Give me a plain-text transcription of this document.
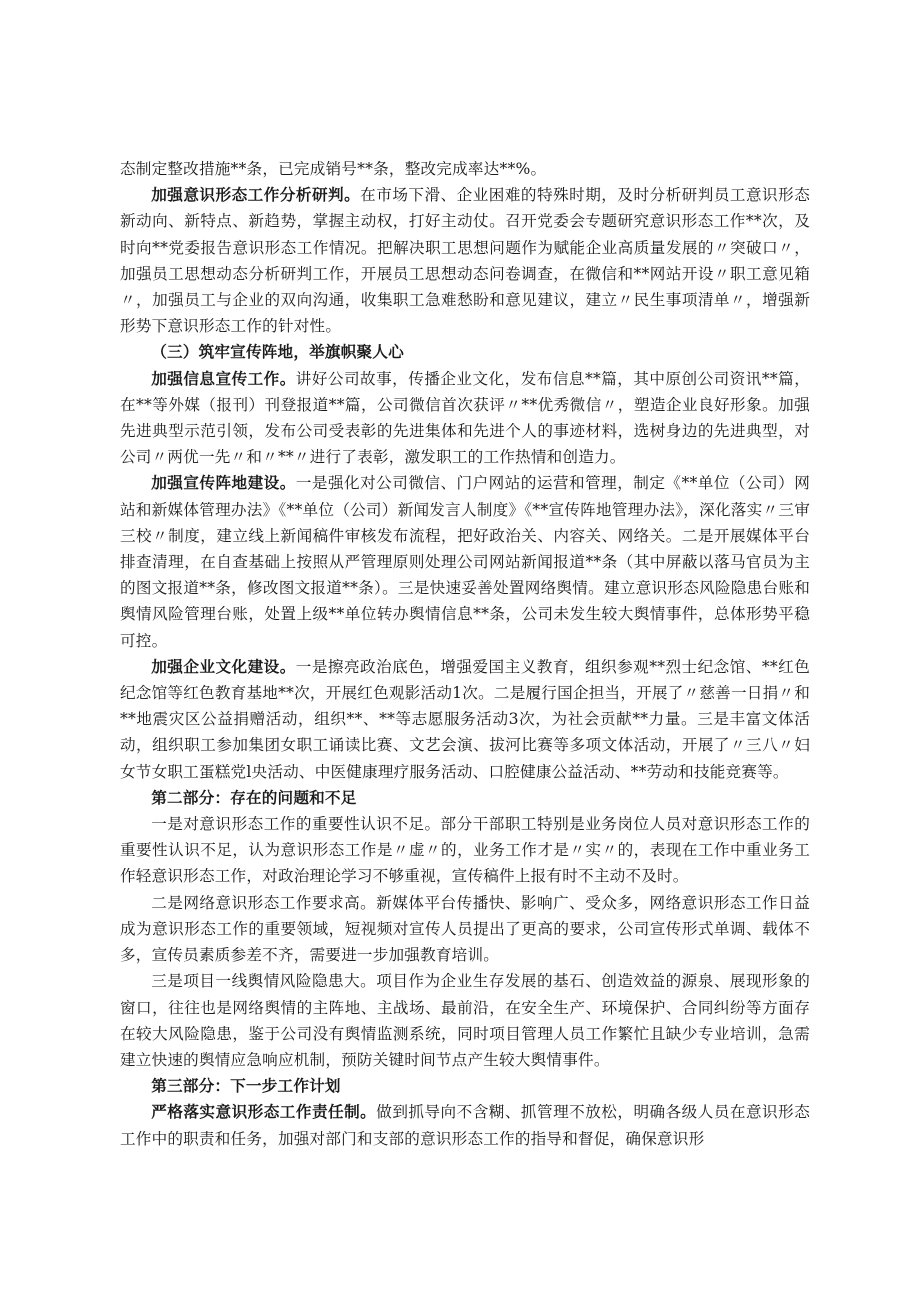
态制定整改措施**条，已完成销号**条，整改完成率达**%。

加强意识形态工作分析研判。在市场下滑、企业困难的特殊时期，及时分析研判员工意识形态新动向、新特点、新趋势，掌握主动权，打好主动仗。召开党委会专题研究意识形态工作**次，及时向**党委报告意识形态工作情况。把解决职工思想问题作为赋能企业高质量发展的〃突破口〃，加强员工思想动态分析研判工作，开展员工思想动态问卷调查，在微信和**网站开设〃职工意见箱〃，加强员工与企业的双向沟通，收集职工急难愁盼和意见建议，建立〃民生事项清单〃，增强新形势下意识形态工作的针对性。

（三）筑牢宣传阵地，举旗帜聚人心

加强信息宣传工作。讲好公司故事，传播企业文化，发布信息**篇，其中原创公司资讯**篇，在**等外媒（报刊）刊登报道**篇，公司微信首次获评〃**优秀微信〃，塑造企业良好形象。加强先进典型示范引领，发布公司受表彰的先进集体和先进个人的事迹材料，选树身边的先进典型，对公司〃两优一先〃和〃**〃进行了表彰，激发职工的工作热情和创造力。

加强宣传阵地建设。一是强化对公司微信、门户网站的运营和管理，制定《**单位（公司）网站和新媒体管理办法》《**单位（公司）新闻发言人制度》《**宣传阵地管理办法》，深化落实〃三审三校〃制度，建立线上新闻稿件审核发布流程，把好政治关、内容关、网络关。二是开展媒体平台排查清理，在自查基础上按照从严管理原则处理公司网站新闻报道**条（其中屏蔽以落马官员为主的图文报道**条，修改图文报道**条）。三是快速妥善处置网络舆情。建立意识形态风险隐患台账和舆情风险管理台账，处置上级**单位转办舆情信息**条，公司未发生较大舆情事件，总体形势平稳可控。

加强企业文化建设。一是擦亮政治底色，增强爱国主义教育，组织参观**烈士纪念馆、**红色纪念馆等红色教育基地**次，开展红色观影活动1次。二是履行国企担当，开展了〃慈善一日捐〃和**地震灾区公益捐赠活动，组织**、**等志愿服务活动3次，为社会贡献**力量。三是丰富文体活动，组织职工参加集团女职工诵读比赛、文艺会演、拔河比赛等多项文体活动，开展了〃三八〃妇女节女职工蛋糕党l央活动、中医健康理疗服务活动、口腔健康公益活动、**劳动和技能竞赛等。

第二部分：存在的问题和不足

一是对意识形态工作的重要性认识不足。部分干部职工特别是业务岗位人员对意识形态工作的重要性认识不足，认为意识形态工作是〃虚〃的，业务工作才是〃实〃的，表现在工作中重业务工作轻意识形态工作，对政治理论学习不够重视，宣传稿件上报有时不主动不及时。

二是网络意识形态工作要求高。新媒体平台传播快、影响广、受众多，网络意识形态工作日益成为意识形态工作的重要领域，短视频对宣传人员提出了更高的要求，公司宣传形式单调、载体不多，宣传员素质参差不齐，需要进一步加强教育培训。

三是项目一线舆情风险隐患大。项目作为企业生存发展的基石、创造效益的源泉、展现形象的窗口，往往也是网络舆情的主阵地、主战场、最前沿，在安全生产、环境保护、合同纠纷等方面存在较大风险隐患，鉴于公司没有舆情监测系统，同时项目管理人员工作繁忙且缺少专业培训，急需建立快速的舆情应急响应机制，预防关键时间节点产生较大舆情事件。

第三部分：下一步工作计划

严格落实意识形态工作责任制。做到抓导向不含糊、抓管理不放松，明确各级人员在意识形态工作中的职责和任务，加强对部门和支部的意识形态工作的指导和督促，确保意识形
